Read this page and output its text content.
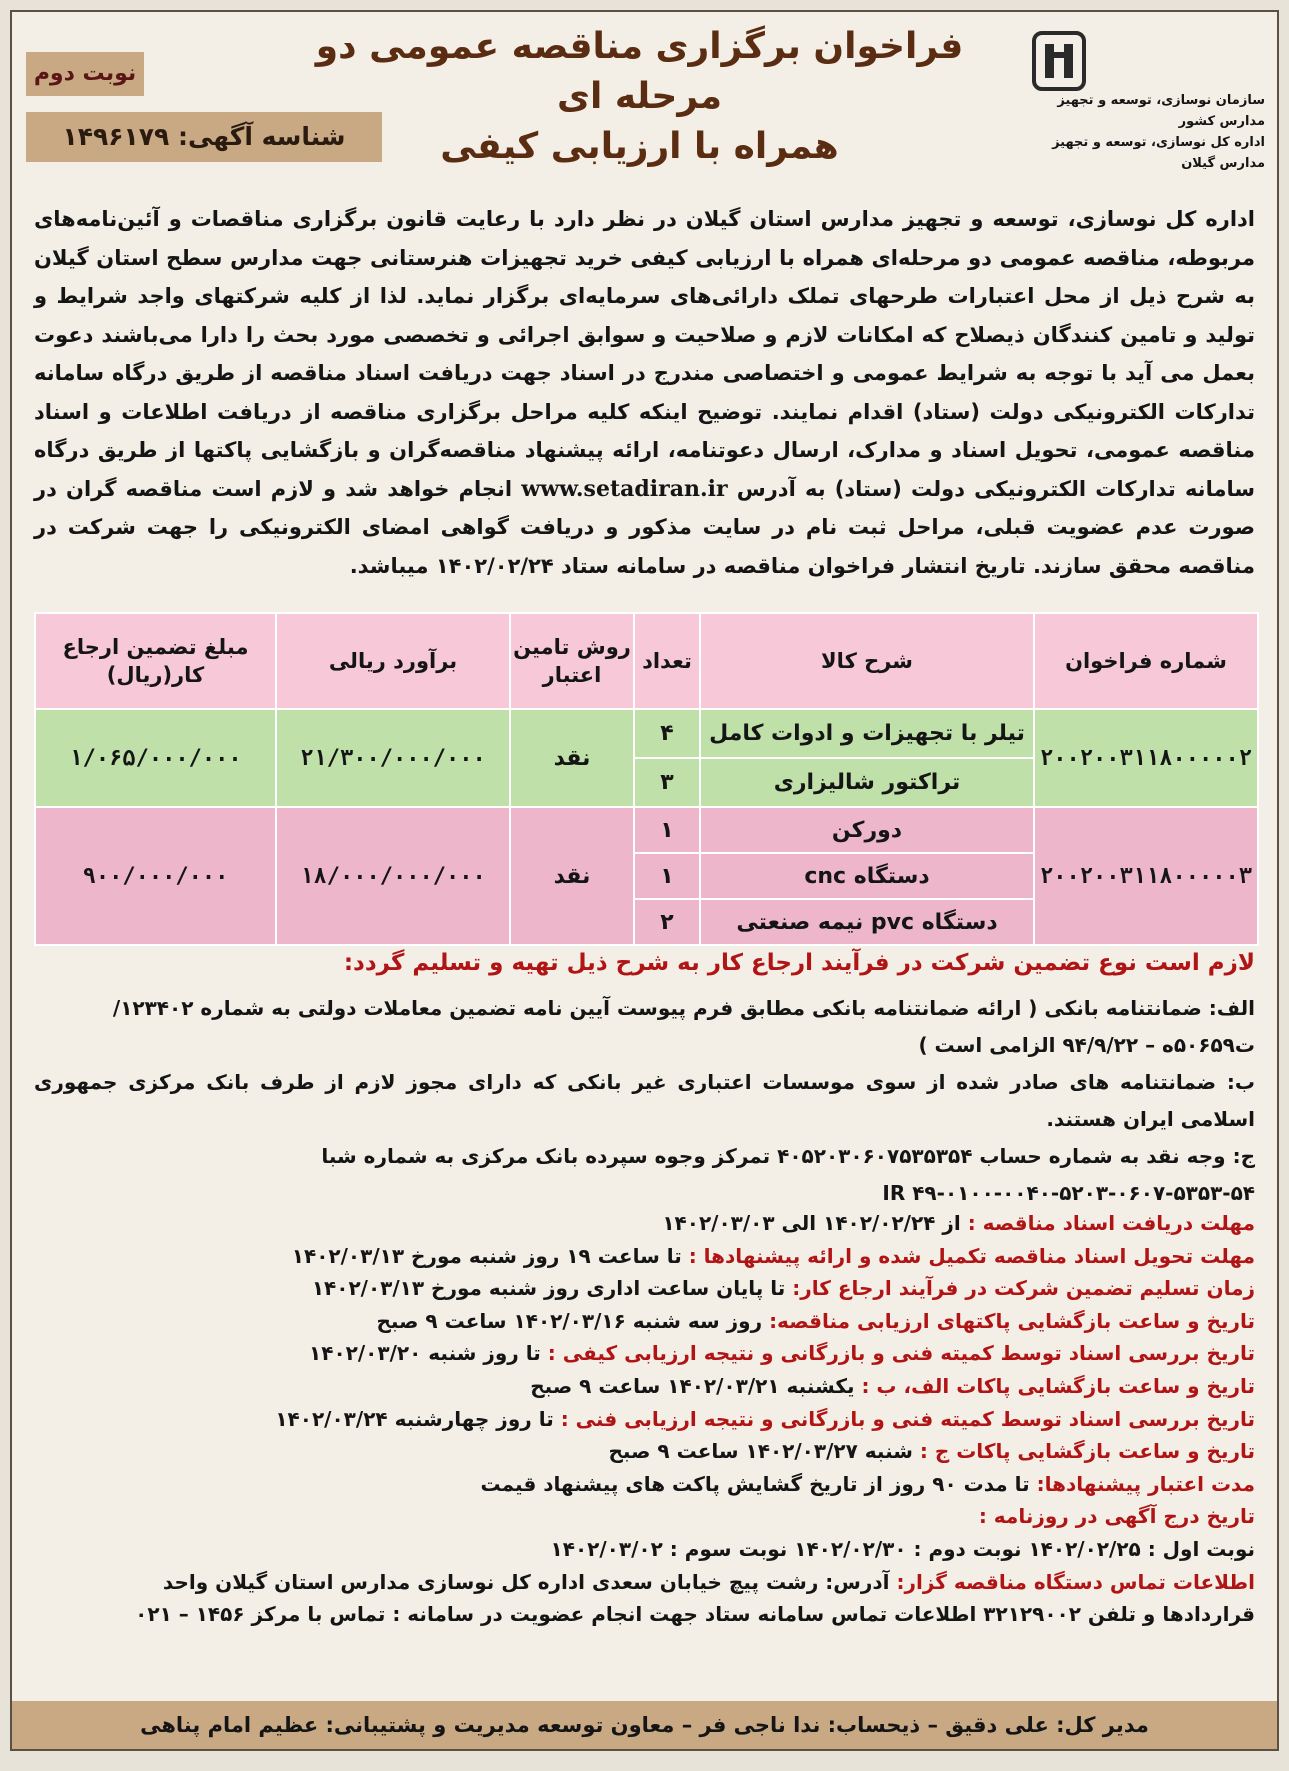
سازمان نوسازی، توسعه و تجهیز مدارس کشور
اداره کل نوسازی، توسعه و تجهیز مدارس گیلان
فراخوان برگزاری مناقصه عمومی دو مرحله ای
همراه با ارزیابی کیفی
نوبت دوم
شناسه آگهی: ۱۴۹۶۱۷۹
اداره کل نوسازی، توسعه و تجهیز مدارس استان گیلان در نظر دارد با رعایت قانون برگزاری مناقصات و آئین‌نامه‌های مربوطه، مناقصه عمومی دو مرحله‌ای همراه با ارزیابی کیفی خرید تجهیزات هنرستانی جهت مدارس سطح استان گیلان به شرح ذیل از محل اعتبارات طرحهای تملک دارائی‌های سرمایه‌ای برگزار نماید. لذا از کلیه شرکتهای واجد شرایط و تولید و تامین کنندگان ذیصلاح که امکانات لازم و صلاحیت و سوابق اجرائی و تخصصی مورد بحث را دارا می‌باشند دعوت بعمل می آید با توجه به شرایط عمومی و اختصاصی مندرج در اسناد جهت دریافت اسناد مناقصه از طریق درگاه سامانه تدارکات الکترونیکی دولت (ستاد) اقدام نمایند. توضیح اینکه کلیه مراحل برگزاری مناقصه از دریافت اطلاعات و اسناد مناقصه عمومی، تحویل اسناد و مدارک، ارسال دعوتنامه، ارائه پیشنهاد مناقصه‌گران و بازگشایی پاکتها از طریق درگاه سامانه تدارکات الکترونیکی دولت (ستاد) به آدرس www.setadiran.ir انجام خواهد شد و لازم است مناقصه گران در صورت عدم عضویت قبلی، مراحل ثبت نام در سایت مذکور و دریافت گواهی امضای الکترونیکی را جهت شرکت در مناقصه محقق سازند. تاریخ انتشار فراخوان مناقصه در سامانه ستاد ۱۴۰۲/۰۲/۲۴ میباشد.
شماره فراخوان	شرح کالا	تعداد	روش تامین اعتبار	برآورد ریالی	مبلغ تضمین ارجاع کار(ریال)
۲۰۰۲۰۰۳۱۱۸۰۰۰۰۰۲	تیلر با تجهیزات و ادوات کامل	۴	نقد	۲۱/۳۰۰/۰۰۰/۰۰۰	۱/۰۶۵/۰۰۰/۰۰۰
	تراکتور شالیزاری	۳			
۲۰۰۲۰۰۳۱۱۸۰۰۰۰۰۳	دورکن	۱	نقد	۱۸/۰۰۰/۰۰۰/۰۰۰	۹۰۰/۰۰۰/۰۰۰
	دستگاه cnc	۱			
	دستگاه pvc نیمه صنعتی	۲			
لازم است نوع تضمین شرکت در فرآیند ارجاع کار به شرح ذیل تهیه و تسلیم گردد:
الف: ضمانتنامه بانکی ( ارائه ضمانتنامه بانکی مطابق فرم پیوست آیین نامه تضمین معاملات دولتی به شماره ۱۲۳۴۰۲/
ت۵۰۶۵۹ه – ۹۴/۹/۲۲ الزامی است )
ب: ضمانتنامه های صادر شده از سوی موسسات اعتباری غیر بانکی که دارای مجوز لازم از طرف بانک مرکزی جمهوری اسلامی ایران هستند.
ج: وجه نقد به شماره حساب ۴۰۵۲۰۳۰۶۰۷۵۳۵۳۵۴ تمرکز وجوه سپرده بانک مرکزی به شماره شبا
IR ۴۹-۰۱۰۰-۰۰۴۰-۵۲۰۳-۰۶۰۷-۵۳۵۳-۵۴
مهلت دریافت اسناد مناقصه : از ۱۴۰۲/۰۲/۲۴ الی ۱۴۰۲/۰۳/۰۳
مهلت تحویل اسناد مناقصه تکمیل شده و ارائه پیشنهادها : تا ساعت ۱۹ روز شنبه مورخ ۱۴۰۲/۰۳/۱۳
زمان تسلیم تضمین شرکت در فرآیند ارجاع کار: تا پایان ساعت اداری روز شنبه مورخ ۱۴۰۲/۰۳/۱۳
تاریخ و ساعت بازگشایی پاکتهای ارزیابی مناقصه: روز سه شنبه ۱۴۰۲/۰۳/۱۶ ساعت ۹ صبح
تاریخ بررسی اسناد توسط کمیته فنی و بازرگانی و نتیجه ارزیابی کیفی : تا روز شنبه ۱۴۰۲/۰۳/۲۰
تاریخ و ساعت بازگشایی پاکات الف، ب : یکشنبه ۱۴۰۲/۰۳/۲۱ ساعت ۹ صبح
تاریخ بررسی اسناد توسط کمیته فنی و بازرگانی و نتیجه ارزیابی فنی : تا روز چهارشنبه ۱۴۰۲/۰۳/۲۴
تاریخ و ساعت بازگشایی پاکات ج : شنبه ۱۴۰۲/۰۳/۲۷ ساعت ۹ صبح
مدت اعتبار پیشنهادها: تا مدت ۹۰ روز از تاریخ گشایش پاکت های پیشنهاد قیمت
تاریخ درج آگهی در روزنامه :
نوبت اول : ۱۴۰۲/۰۲/۲۵ نوبت دوم : ۱۴۰۲/۰۲/۳۰ نوبت سوم : ۱۴۰۲/۰۳/۰۲
اطلاعات تماس دستگاه مناقصه گزار: آدرس: رشت پیچ خیابان سعدی اداره کل نوسازی مدارس استان گیلان واحد
قراردادها و تلفن ۳۲۱۲۹۰۰۲ اطلاعات تماس سامانه ستاد جهت انجام عضویت در سامانه : تماس با مرکز ۱۴۵۶ – ۰۲۱
مدیر کل: علی دقیق – ذیحساب: ندا ناجی فر – معاون توسعه مدیریت و پشتیبانی: عظیم امام پناهی
